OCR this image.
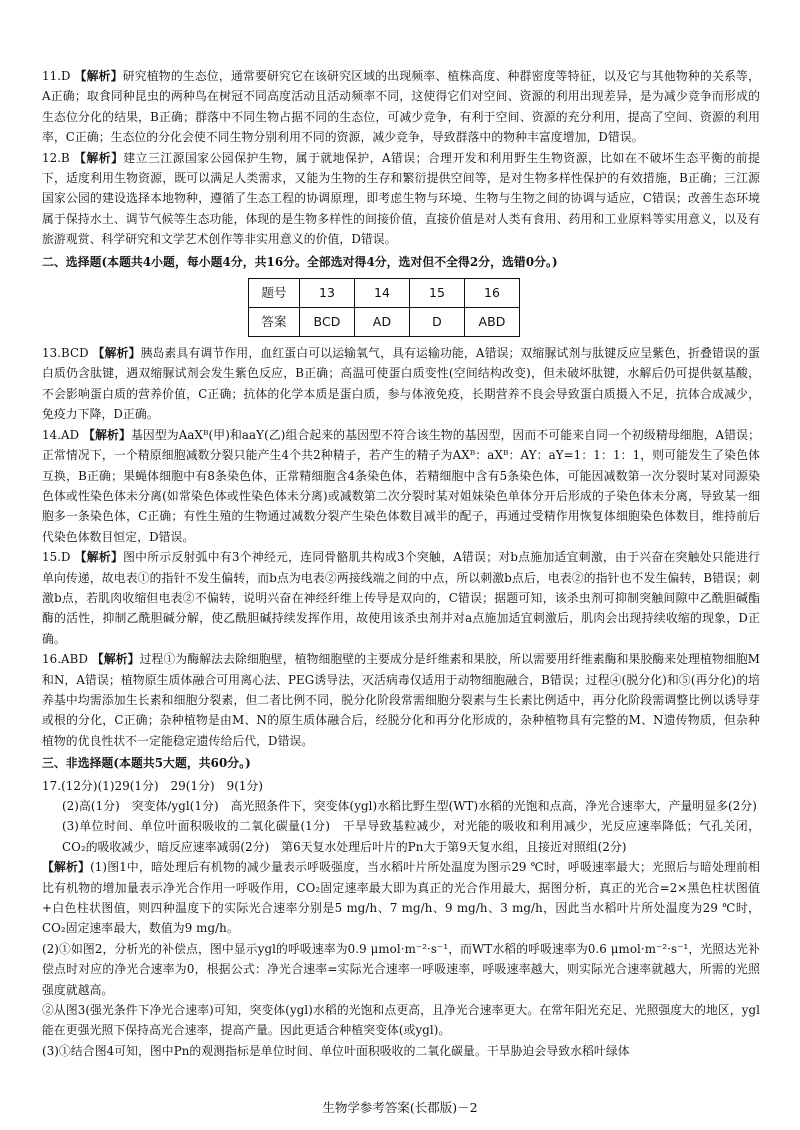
11.D 【解析】研究植物的生态位，通常要研究它在该研究区域的出现频率、植株高度、种群密度等特征，以及它与其他物种的关系等，A正确；取食同种昆虫的两种鸟在树冠不同高度活动且活动频率不同，这使得它们对空间、资源的利用出现差异，是为减少竞争而形成的生态位分化的结果，B正确；群落中不同生物占据不同的生态位，可减少竞争，有利于空间、资源的充分利用，提高了空间、资源的利用率，C正确；生态位的分化会使不同生物分别利用不同的资源，减少竞争，导致群落中的物种丰富度增加，D错误。

12.B 【解析】建立三江源国家公园保护生物，属于就地保护，A错误；合理开发和利用野生生物资源，比如在不破坏生态平衡的前提下，适度利用生物资源，既可以满足人类需求，又能为生物的生存和繁衍提供空间等，是对生物多样性保护的有效措施，B正确；三江源国家公园的建设选择本地物种，遵循了生态工程的协调原理，即考虑生物与环境、生物与生物之间的协调与适应，C错误；改善生态环境属于保持水土、调节气候等生态功能，体现的是生物多样性的间接价值，直接价值是对人类有食用、药用和工业原料等实用意义，以及有旅游观赏、科学研究和文学艺术创作等非实用意义的价值，D错误。

二、选择题(本题共4小题，每小题4分，共16分。全部选对得4分，选对但不全得2分，选错0分。)

题号	13	14	15	16
答案	BCD	AD	D	ABD

13.BCD 【解析】胰岛素具有调节作用，血红蛋白可以运输氧气，具有运输功能，A错误；双缩脲试剂与肽键反应呈紫色，折叠错误的蛋白质仍含肽键，遇双缩脲试剂会发生紫色反应，B正确；高温可使蛋白质变性(空间结构改变)，但未破坏肽键，水解后仍可提供氨基酸，不会影响蛋白质的营养价值，C正确；抗体的化学本质是蛋白质，参与体液免疫，长期营养不良会导致蛋白质摄入不足，抗体合成减少，免疫力下降，D正确。

14.AD 【解析】基因型为AaXᴮ(甲)和aaY(乙)组合起来的基因型不符合该生物的基因型，因而不可能来自同一个初级精母细胞，A错误；正常情况下，一个精原细胞减数分裂只能产生4个共2种精子，若产生的精子为AXᴮ：aXᴮ：AY：aY=1：1：1：1，则可能发生了染色体互换，B正确；果蝇体细胞中有8条染色体，正常精细胞含4条染色体，若精细胞中含有5条染色体，可能因减数第一次分裂时某对同源染色体或性染色体未分离(如常染色体或性染色体未分离)或减数第二次分裂时某对姐妹染色单体分开后形成的子染色体未分离，导致某一细胞多一条染色体，C正确；有性生殖的生物通过减数分裂产生染色体数目减半的配子，再通过受精作用恢复体细胞染色体数目，维持前后代染色体数目恒定，D错误。

15.D 【解析】图中所示反射弧中有3个神经元，连同骨骼肌共构成3个突触，A错误；对b点施加适宜刺激，由于兴奋在突触处只能进行单向传递，故电表①的指针不发生偏转，而b点为电表②两接线端之间的中点，所以刺激b点后，电表②的指针也不发生偏转，B错误；刺激b点，若肌肉收缩但电表②不偏转，说明兴奋在神经纤维上传导是双向的，C错误；据题可知，该杀虫剂可抑制突触间隙中乙酰胆碱酯酶的活性，抑制乙酰胆碱分解，使乙酰胆碱持续发挥作用，故使用该杀虫剂并对a点施加适宜刺激后，肌肉会出现持续收缩的现象，D正确。

16.ABD 【解析】过程①为酶解法去除细胞壁，植物细胞壁的主要成分是纤维素和果胶，所以需要用纤维素酶和果胶酶来处理植物细胞M和N，A错误；植物原生质体融合可用离心法、PEG诱导法，灭活病毒仅适用于动物细胞融合，B错误；过程④(脱分化)和⑤(再分化)的培养基中均需添加生长素和细胞分裂素，但二者比例不同，脱分化阶段常需细胞分裂素与生长素比例适中，再分化阶段需调整比例以诱导芽或根的分化，C正确；杂种植物是由M、N的原生质体融合后，经脱分化和再分化形成的，杂种植物具有完整的M、N遗传物质，但杂种植物的优良性状不一定能稳定遗传给后代，D错误。

三、非选择题(本题共5大题，共60分。)

17.(12分)(1)29(1分)　29(1分)　9(1分)

(2)高(1分)　突变体/ygl(1分)　高光照条件下，突变体(ygl)水稻比野生型(WT)水稻的光饱和点高，净光合速率大，产量明显多(2分)

(3)单位时间、单位叶面积吸收的二氧化碳量(1分)　干旱导致基粒减少，对光能的吸收和利用减少，光反应速率降低；气孔关闭，CO₂的吸收减少，暗反应速率减弱(2分)　第6天复水处理后叶片的Pn大于第9天复水组，且接近对照组(2分)

【解析】(1)图1中，暗处理后有机物的减少量表示呼吸强度，当水稻叶片所处温度为图示29 ℃时，呼吸速率最大；光照后与暗处理前相比有机物的增加量表示净光合作用一呼吸作用，CO₂固定速率最大即为真正的光合作用最大，据图分析，真正的光合=2×黑色柱状图值+白色柱状图值，则四种温度下的实际光合速率分别是5 mg/h、7 mg/h、9 mg/h、3 mg/h，因此当水稻叶片所处温度为29 ℃时，CO₂固定速率最大，数值为9 mg/h。

(2)①如图2，分析光的补偿点，图中显示ygl的呼吸速率为0.9 μmol·m⁻²·s⁻¹，而WT水稻的呼吸速率为0.6 μmol·m⁻²·s⁻¹，光照达光补偿点时对应的净光合速率为0，根据公式：净光合速率=实际光合速率一呼吸速率，呼吸速率越大，则实际光合速率就越大，所需的光照强度就越高。

②从图3(强光条件下净光合速率)可知，突变体(ygl)水稻的光饱和点更高，且净光合速率更大。在常年阳光充足、光照强度大的地区，ygl能在更强光照下保持高光合速率，提高产量。因此更适合种植突变体(或ygl)。

(3)①结合图4可知，图中Pn的观测指标是单位时间、单位叶面积吸收的二氧化碳量。干旱胁迫会导致水稻叶绿体

生物学参考答案(长郡版)－2
